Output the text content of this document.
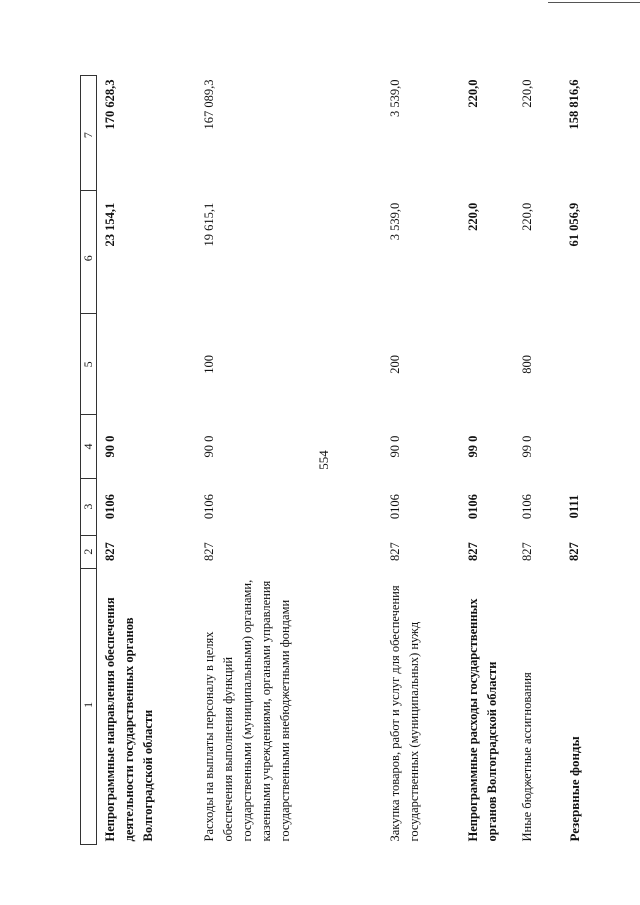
554
1	2	3	4	5	6	7
Непрограммные направления обеспечения деятельности государственных органов Волгоградской области	827	0106	90 0		23 154,1	170 628,3
Расходы на выплаты персоналу в целях обеспечения выполнения функций государственными (муниципальными) органами, казенными учреждениями, органами управления государственными внебюджетными фондами	827	0106	90 0	100	19 615,1	167 089,3
Закупка товаров, работ и услуг для обеспечения государственных (муниципальных) нужд	827	0106	90 0	200	3 539,0	3 539,0
Непрограммные расходы государственных органов Волгоградской области	827	0106	99 0		220,0	220,0
Иные бюджетные ассигнования	827	0106	99 0	800	220,0	220,0
Резервные фонды	827	0111			61 056,9	158 816,6
